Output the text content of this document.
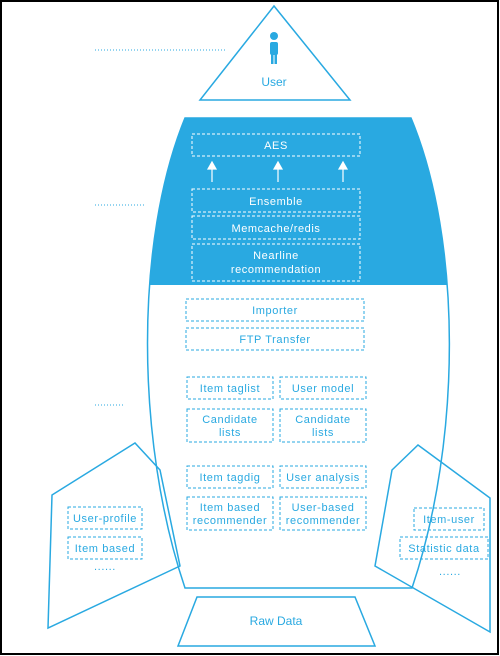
User
AES
Ensemble
Memcache/redis
Nearline
recommendation
Importer
FTP Transfer
Item taglist	User model
Candidate
lists
Candidate
lists
Item tagdig User analysis
Item based
recommender
User-based
recommender
User-profile
Item based
......
Item-user
Statistic data
......
Raw Data
